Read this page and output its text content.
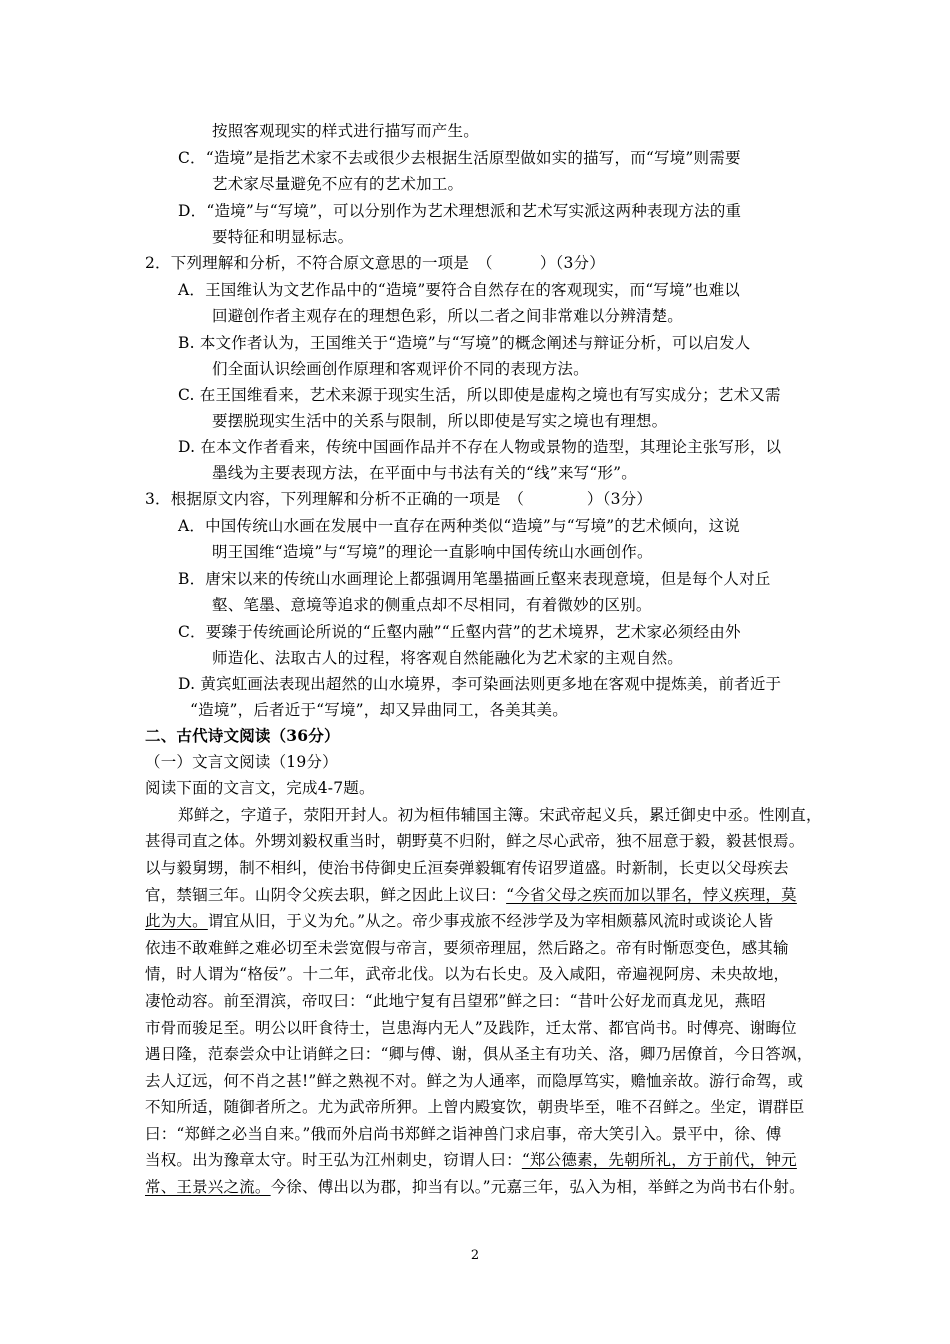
按照客观现实的样式进行描写而产生。
C．“造境”是指艺术家不去或很少去根据生活原型做如实的描写，而“写境”则需要
艺术家尽量避免不应有的艺术加工。
D．“造境”与“写境”，可以分别作为艺术理想派和艺术写实派这两种表现方法的重
要特征和明显标志。
2．下列理解和分析，不符合原文意思的一项是　（　　　）（3分）
A．王国维认为文艺作品中的“造境”要符合自然存在的客观现实，而“写境”也难以
回避创作者主观存在的理想色彩，所以二者之间非常难以分辨清楚。
B. 本文作者认为，王国维关于“造境”与“写境”的概念阐述与辩证分析，可以启发人
们全面认识绘画创作原理和客观评价不同的表现方法。
C. 在王国维看来，艺术来源于现实生活，所以即使是虚构之境也有写实成分；艺术又需
要摆脱现实生活中的关系与限制，所以即使是写实之境也有理想。
D. 在本文作者看来，传统中国画作品并不存在人物或景物的造型，其理论主张写形，以
墨线为主要表现方法，在平面中与书法有关的“线”来写“形”。
3．根据原文内容，下列理解和分析不正确的一项是　（　　　　）（3分）
A．中国传统山水画在发展中一直存在两种类似“造境”与“写境”的艺术倾向，这说
明王国维“造境”与“写境”的理论一直影响中国传统山水画创作。
B．唐宋以来的传统山水画理论上都强调用笔墨描画丘壑来表现意境，但是每个人对丘
壑、笔墨、意境等追求的侧重点却不尽相同，有着微妙的区别。
C．要臻于传统画论所说的“丘壑内融”“丘壑内营”的艺术境界，艺术家必须经由外
师造化、法取古人的过程，将客观自然能融化为艺术家的主观自然。
D. 黄宾虹画法表现出超然的山水境界，李可染画法则更多地在客观中提炼美，前者近于
“造境”，后者近于“写境”，却又异曲同工，各美其美。
二、古代诗文阅读（36分）
（一）文言文阅读（19分）
阅读下面的文言文，完成4-7题。
郑鲜之，字道子，荥阳开封人。初为桓伟辅国主簿。宋武帝起义兵，累迁御史中丞。性刚直，
甚得司直之体。外甥刘毅权重当时，朝野莫不归附，鲜之尽心武帝，独不屈意于毅，毅甚恨焉。
以与毅舅甥，制不相纠，使治书侍御史丘洹奏弹毅辄宥传诏罗道盛。时新制，长吏以父母疾去
官，禁锢三年。山阴令父疾去职，鲜之因此上议曰：“今省父母之疾而加以罪名，悖义疾理，莫
此为大。谓宜从旧，于义为允。”从之。帝少事戎旅不经涉学及为宰相颇慕风流时或谈论人皆
依违不敢难鲜之难必切至未尝宽假与帝言，要须帝理屈，然后路之。帝有时惭恧变色，感其输
情，时人谓为“格佞”。十二年，武帝北伐。以为右长史。及入咸阳，帝遍视阿房、未央故地，
凄怆动容。前至渭滨，帝叹曰：“此地宁复有吕望邪”鲜之曰：“昔叶公好龙而真龙见，燕昭
市骨而骏足至。明公以旰食待士，岂患海内无人”及践阼，迁太常、都官尚书。时傅亮、谢晦位
遇日隆，范泰尝众中让诮鲜之曰：“卿与傅、谢，俱从圣主有功关、洛，卿乃居僚首，今日答飒，
去人辽远，何不肖之甚!”鲜之熟视不对。鲜之为人通率，而隐厚笃实，赡恤亲故。游行命驾，或
不知所适，随御者所之。尤为武帝所狎。上曾内殿宴饮，朝贵毕至，唯不召鲜之。坐定，谓群臣
曰：“郑鲜之必当自来。”俄而外启尚书郑鲜之诣神兽门求启事，帝大笑引入。景平中，徐、傅
当权。出为豫章太守。时王弘为江州刺史，窃谓人曰：“郑公德素，先朝所礼，方于前代，钟元
常、王景兴之流。今徐、傅出以为郡，抑当有以。”元嘉三年，弘入为相，举鲜之为尚书右仆射。
2
